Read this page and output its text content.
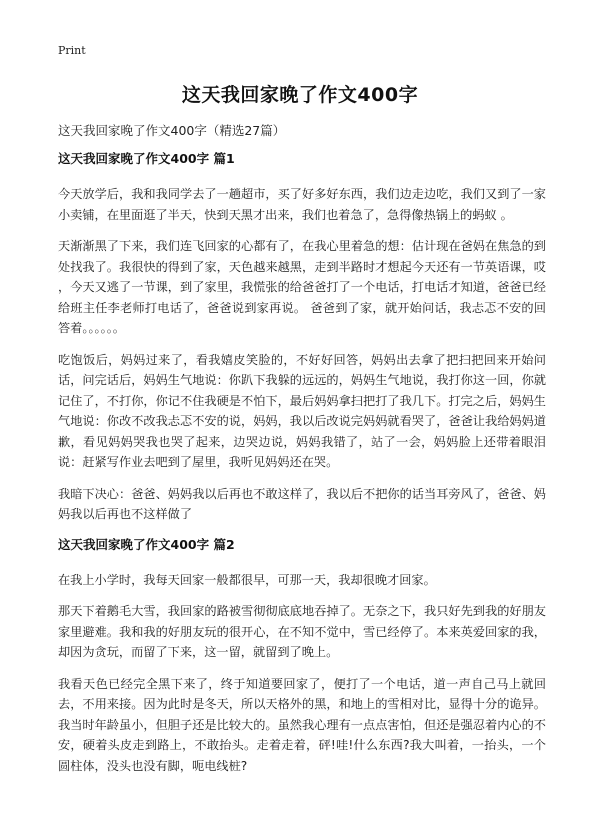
Print
这天我回家晚了作文400字
这天我回家晚了作文400字（精选27篇）
这天我回家晚了作文400字 篇1

今天放学后，我和我同学去了一趟超市，买了好多好东西，我们边走边吃，我们又到了一家小卖铺，在里面逛了半天，快到天黑才出来，我们也着急了，急得像热锅上的蚂蚁 。

天渐渐黑了下来，我们连飞回家的心都有了，在我心里着急的想：估计现在爸妈在焦急的到处找我了。我很快的得到了家，天色越来越黑，走到半路时才想起今天还有一节英语课，哎 ，今天又逃了一节课，到了家里，我慌张的给爸爸打了一个电话，打电话才知道，爸爸已经给班主任李老师打电话了，爸爸说到家再说。 爸爸到了家，就开始问话，我忐忑不安的回答着。。。。。。

吃饱饭后，妈妈过来了，看我嬉皮笑脸的，不好好回答，妈妈出去拿了把扫把回来开始问话，问完话后，妈妈生气地说：你趴下我躲的远远的，妈妈生气地说，我打你这一回，你就记住了，不打你，你记不住我硬是不怕下，最后妈妈拿扫把打了我几下。打完之后，妈妈生气地说：你改不改我忐忑不安的说，妈妈，我以后改说完妈妈就看哭了，爸爸让我给妈妈道歉，看见妈妈哭我也哭了起来，边哭边说，妈妈我错了，站了一会，妈妈脸上还带着眼泪说：赶紧写作业去吧到了屋里，我听见妈妈还在哭。

我暗下决心：爸爸、妈妈我以后再也不敢这样了，我以后不把你的话当耳旁风了，爸爸、妈妈我以后再也不这样做了

这天我回家晚了作文400字 篇2

在我上小学时，我每天回家一般都很早，可那一天，我却很晚才回家。

那天下着鹅毛大雪，我回家的路被雪彻彻底底地吞掉了。无奈之下，我只好先到我的好朋友家里避难。我和我的好朋友玩的很开心，在不知不觉中，雪已经停了。本来英爱回家的我，却因为贪玩，而留了下来，这一留，就留到了晚上。

我看天色已经完全黑下来了，终于知道要回家了，便打了一个电话，道一声自己马上就回去，不用来接。因为此时是冬天，所以天格外的黑，和地上的雪相对比，显得十分的诡异。我当时年龄虽小，但胆子还是比较大的。虽然我心理有一点点害怕，但还是强忍着内心的不安，硬着头皮走到路上，不敢抬头。走着走着，砰!哇!什么东西?我大叫着，一抬头，一个圆柱体，没头也没有脚，呃电线桩?
